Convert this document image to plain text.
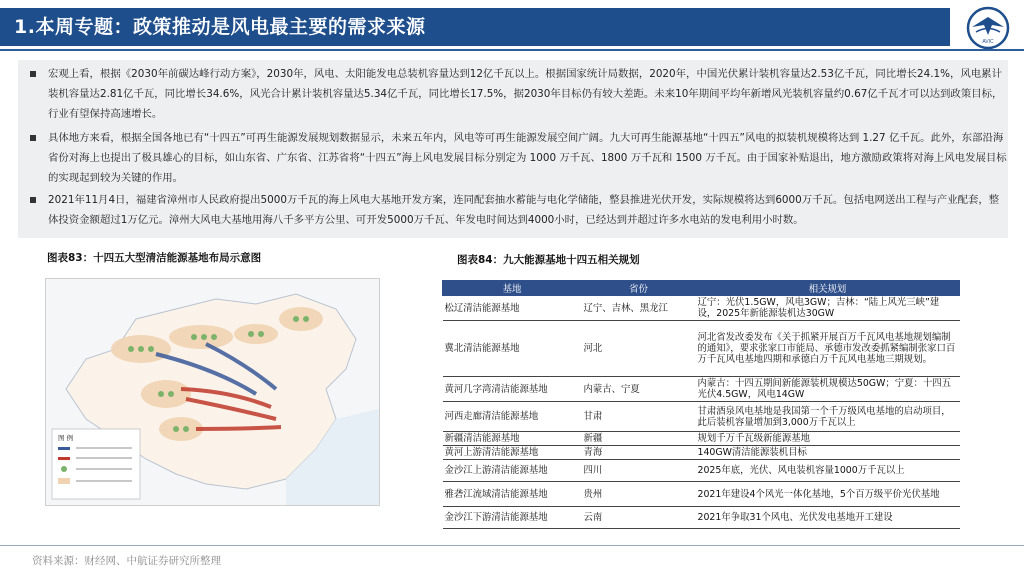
1.本周专题：政策推动是风电最主要的需求来源
AVIC
宏观上看，根据《2030年前碳达峰行动方案》，2030年，风电、太阳能发电总装机容量达到12亿千瓦以上。根据国家统计局数据，2020年，中国光伏累计装机容量达2.53亿千瓦，同比增长24.1%，风电累计装机容量达2.81亿千瓦，同比增长34.6%，风光合计累计装机容量达5.34亿千瓦，同比增长17.5%，据2030年目标仍有较大差距。未来10年期间平均年新增风光装机容量约0.67亿千瓦才可以达到政策目标，行业有望保持高速增长。
具体地方来看，根据全国各地已有“十四五”可再生能源发展规划数据显示，未来五年内，风电等可再生能源发展空间广阔。九大可再生能源基地“十四五”风电的拟装机规模将达到 1.27 亿千瓦。此外，东部沿海省份对海上也提出了极具雄心的目标，如山东省、广东省、江苏省将“十四五”海上风电发展目标分别定为 1000 万千瓦、1800 万千瓦和 1500 万千瓦。由于国家补贴退出，地方激励政策将对海上风电发展目标的实现起到较为关键的作用。
2021年11月4日，福建省漳州市人民政府提出5000万千瓦的海上风电大基地开发方案，连同配套抽水蓄能与电化学储能，整县推进光伏开发，实际规模将达到6000万千瓦。包括电网送出工程与产业配套，整体投资金额超过1万亿元。漳州大风电大基地用海八千多平方公里、可开发5000万千瓦、年发电时间达到4000小时，已经达到并超过许多水电站的发电利用小时数。
图表83：十四五大型清洁能源基地布局示意图	图表84：九大能源基地十四五相关规划
图 例
基地	省份	相关规划
松辽清洁能源基地	辽宁、吉林、黑龙江	辽宁：光伏1.5GW，风电3GW；吉林：“陆上风光三峡”建设，2025年新能源装机达30GW
冀北清洁能源基地	河北	河北省发改委发布《关于抓紧开展百万千瓦风电基地规划编制的通知》，要求张家口市能局、承德市发改委抓紧编制张家口百万千瓦风电基地四期和承德白万千瓦风电基地三期规划。
黄河几字湾清洁能源基地	内蒙古、宁夏	内蒙古：十四五期间新能源装机规模达50GW；宁夏：十四五光伏4.5GW，风电14GW
河西走廊清洁能源基地	甘肃	甘肃酒泉风电基地是我国第一个千万级风电基地的启动项目，此后装机容量增加到3,000万千瓦以上
新疆清洁能源基地	新疆	规划千万千瓦级新能源基地
黄河上游清洁能源基地	青海	140GW清洁能源装机目标
金沙江上游清洁能源基地	四川	2025年底，光伏、风电装机容量1000万千瓦以上
雅砻江流域清洁能源基地	贵州	2021年建设4个风光一体化基地，5个百万级平价光伏基地
金沙江下游清洁能源基地	云南	2021年争取31个风电、光伏发电基地开工建设
资料来源：财经网、中航证券研究所整理
